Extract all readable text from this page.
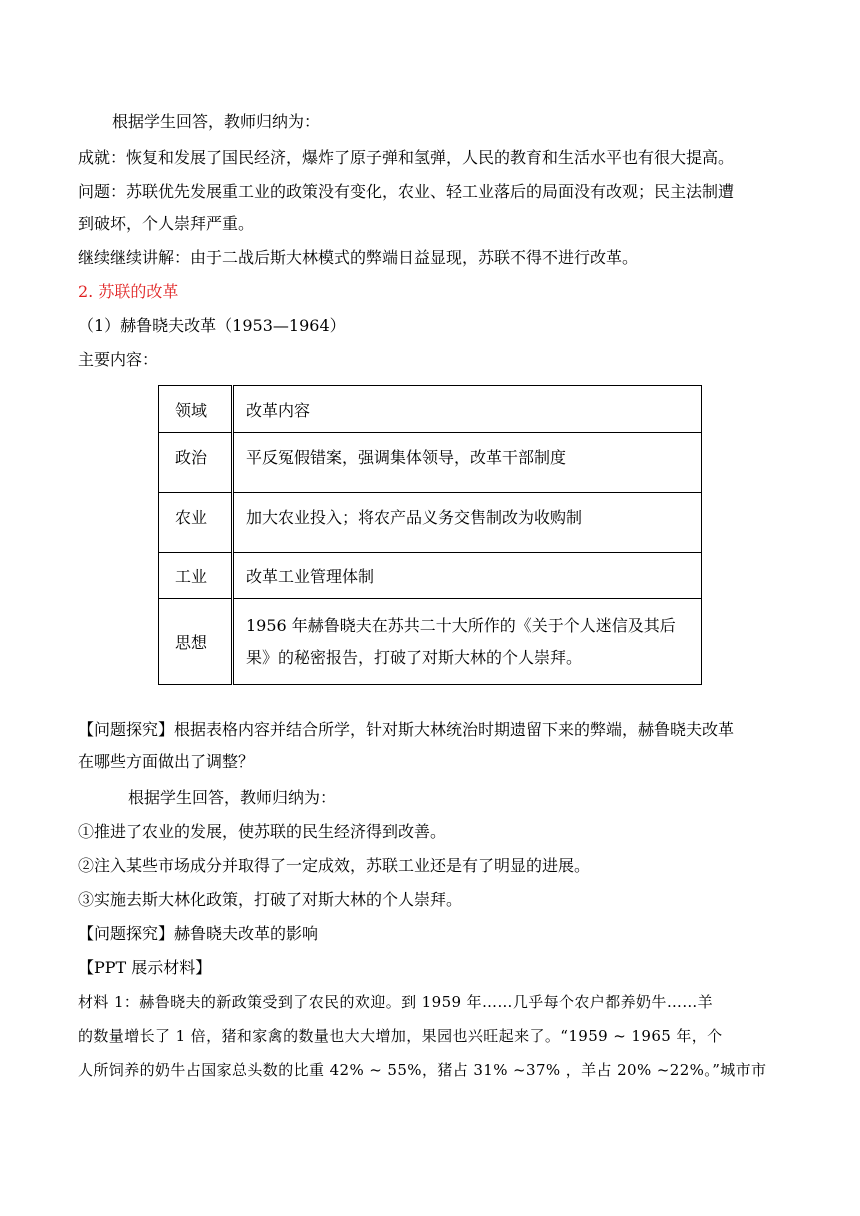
根据学生回答，教师归纳为：
成就：恢复和发展了国民经济，爆炸了原子弹和氢弹，人民的教育和生活水平也有很大提高。
问题：苏联优先发展重工业的政策没有变化，农业、轻工业落后的局面没有改观；民主法制遭
到破坏，个人崇拜严重。
继续继续讲解：由于二战后斯大林模式的弊端日益显现，苏联不得不进行改革。
2. 苏联的改革
（1）赫鲁晓夫改革（1953—1964）
主要内容：
领域	改革内容
政治	平反冤假错案，强调集体领导，改革干部制度
农业	加大农业投入；将农产品义务交售制改为收购制
工业	改革工业管理体制
思想	1956 年赫鲁晓夫在苏共二十大所作的《关于个人迷信及其后
果》的秘密报告，打破了对斯大林的个人崇拜。
【问题探究】根据表格内容并结合所学，针对斯大林统治时期遗留下来的弊端，赫鲁晓夫改革
在哪些方面做出了调整？
根据学生回答，教师归纳为：
①推进了农业的发展，使苏联的民生经济得到改善。
②注入某些市场成分并取得了一定成效，苏联工业还是有了明显的进展。
③实施去斯大林化政策，打破了对斯大林的个人崇拜。
【问题探究】赫鲁晓夫改革的影响
【PPT 展示材料】
材料 1：赫鲁晓夫的新政策受到了农民的欢迎。到 1959 年……几乎每个农户都养奶牛……羊
的数量增长了 1 倍，猪和家禽的数量也大大增加，果园也兴旺起来了。“1959 ~ 1965 年，个
人所饲养的奶牛占国家总头数的比重 42% ~ 55%，猪占 31% ~37% ，羊占 20% ~22%。”城市市
